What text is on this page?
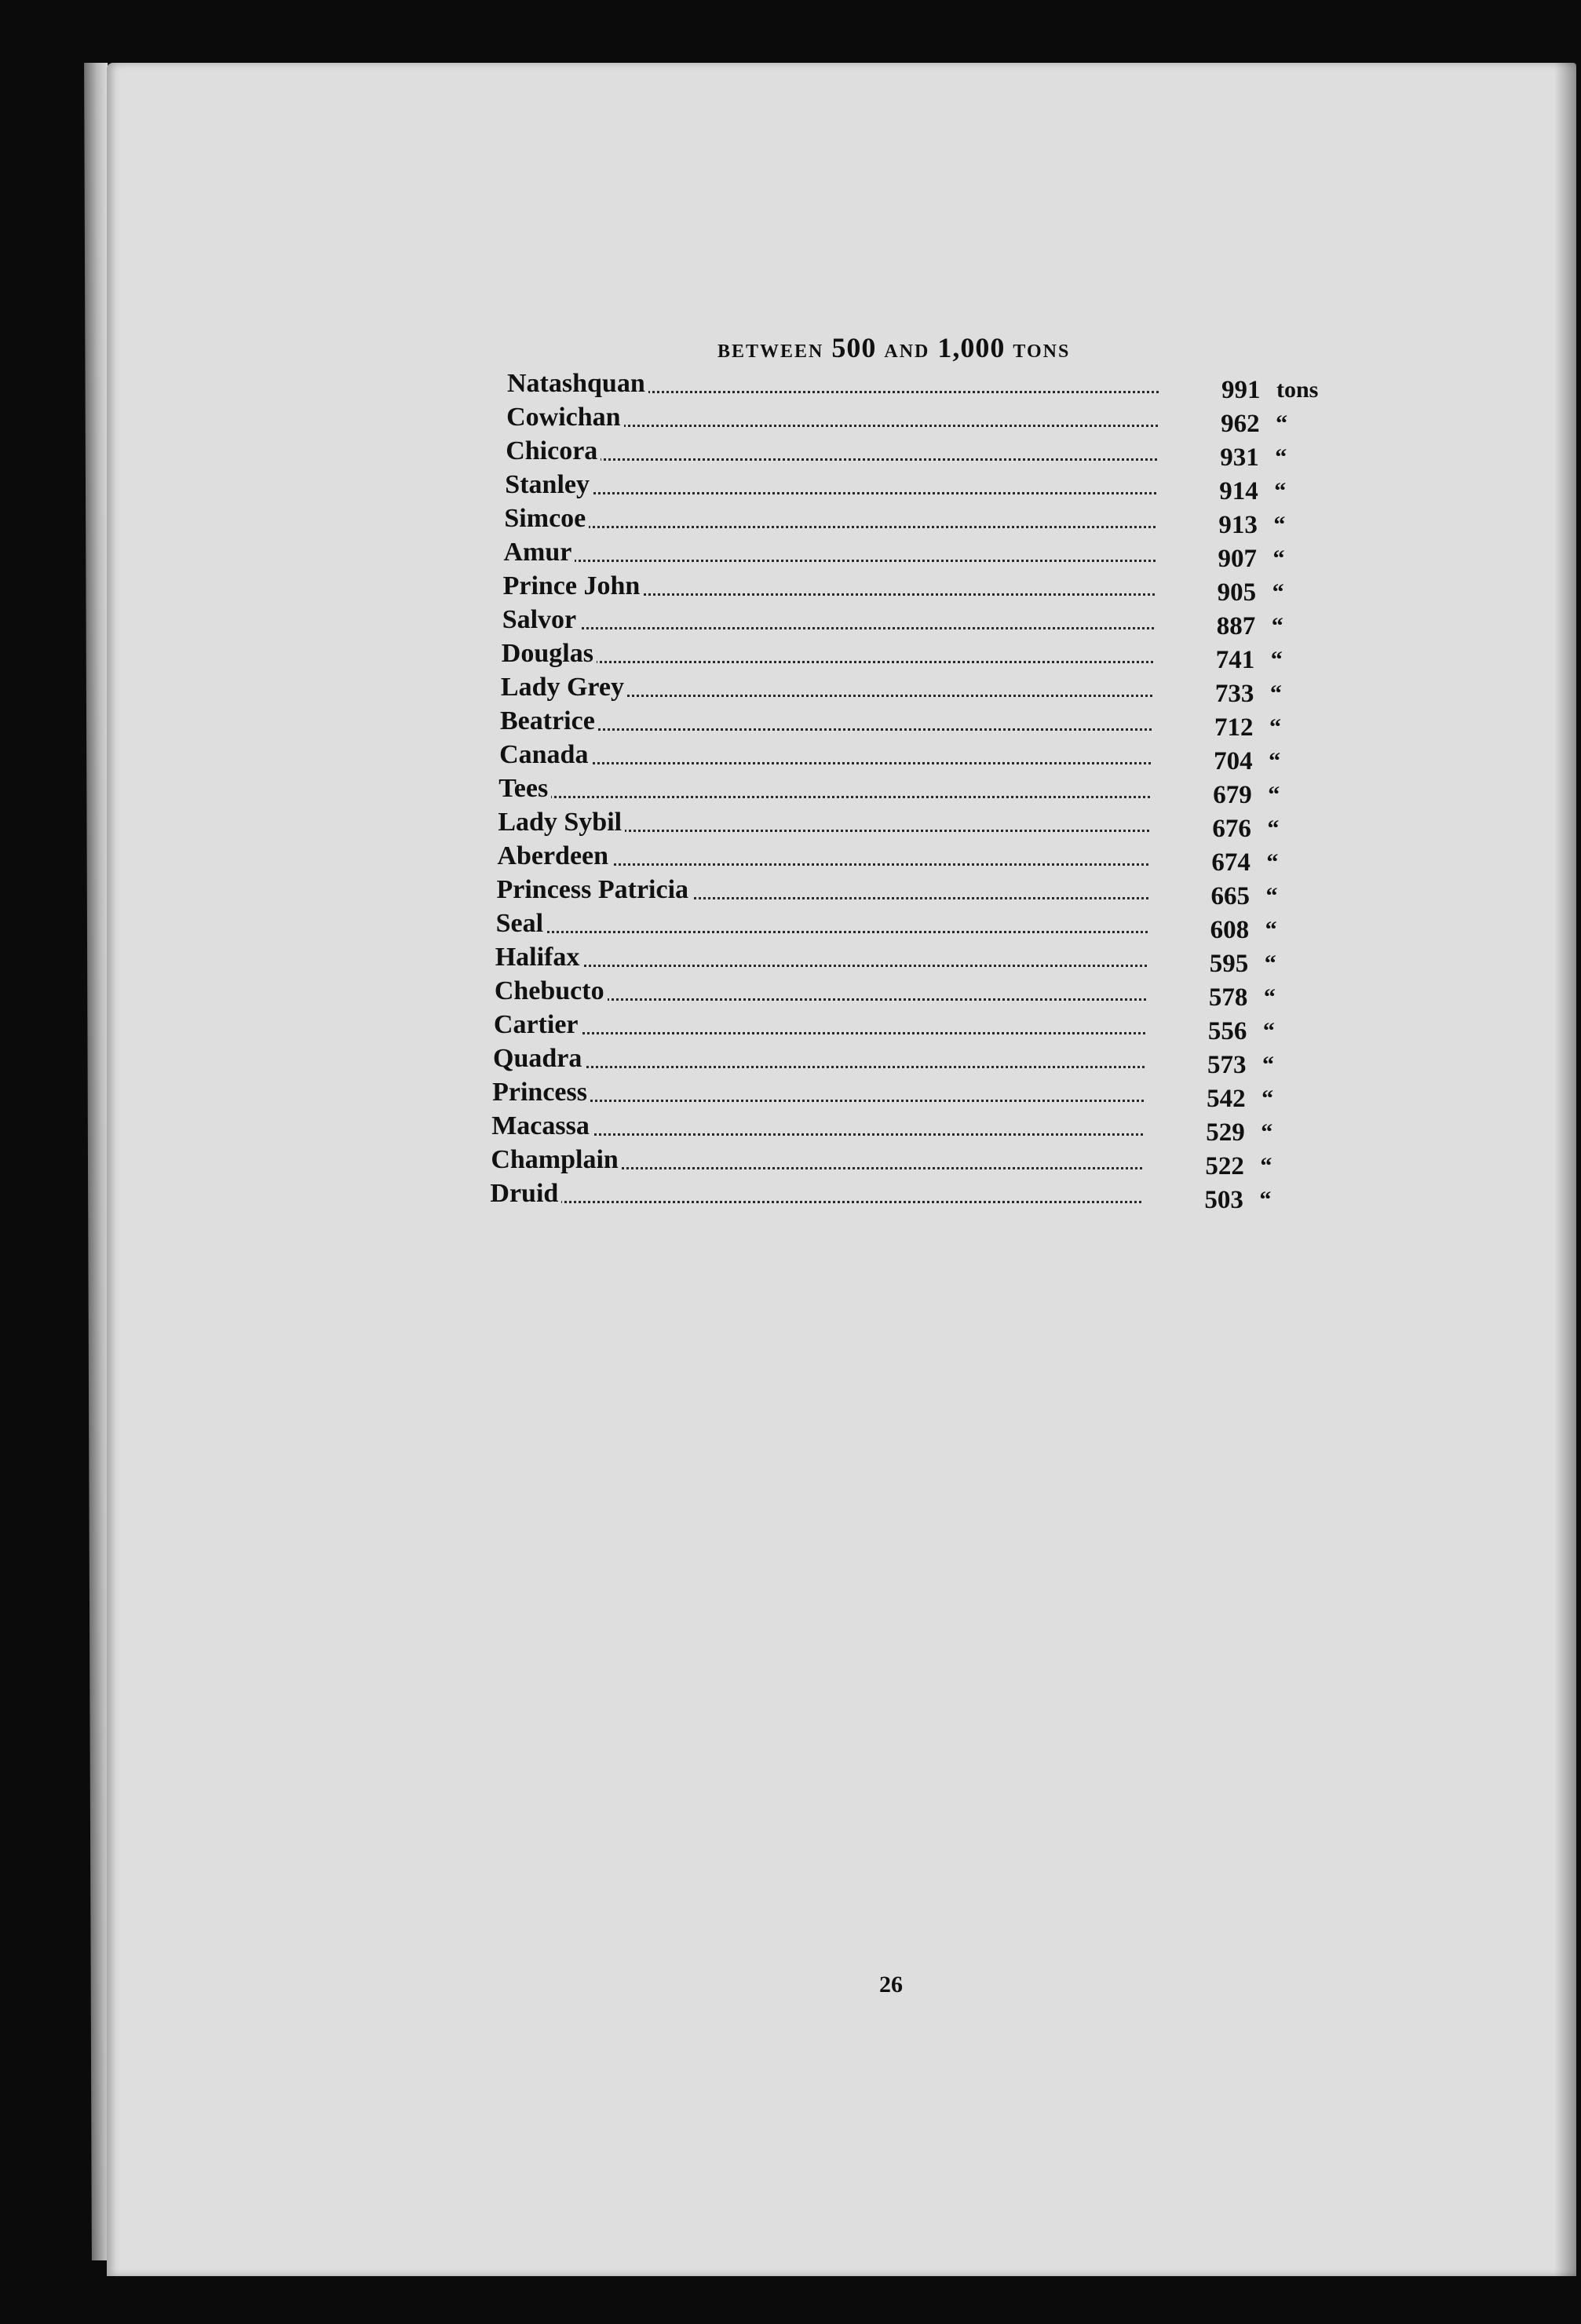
BETWEEN 500 AND 1,000 TONS
Natashquan	991 tons
Cowichan	962 “
Chicora	931 “
Stanley	914 “
Simcoe	913 “
Amur	907 “
Prince John	905 “
Salvor	887 “
Douglas	741 “
Lady Grey	733 “
Beatrice	712 “
Canada	704 “
Tees	679 “
Lady Sybil	676 “
Aberdeen	674 “
Princess Patricia	665 “
Seal	608 “
Halifax	595 “
Chebucto	578 “
Cartier	556 “
Quadra	573 “
Princess	542 “
Macassa	529 “
Champlain	522 “
Druid	503 “
26
